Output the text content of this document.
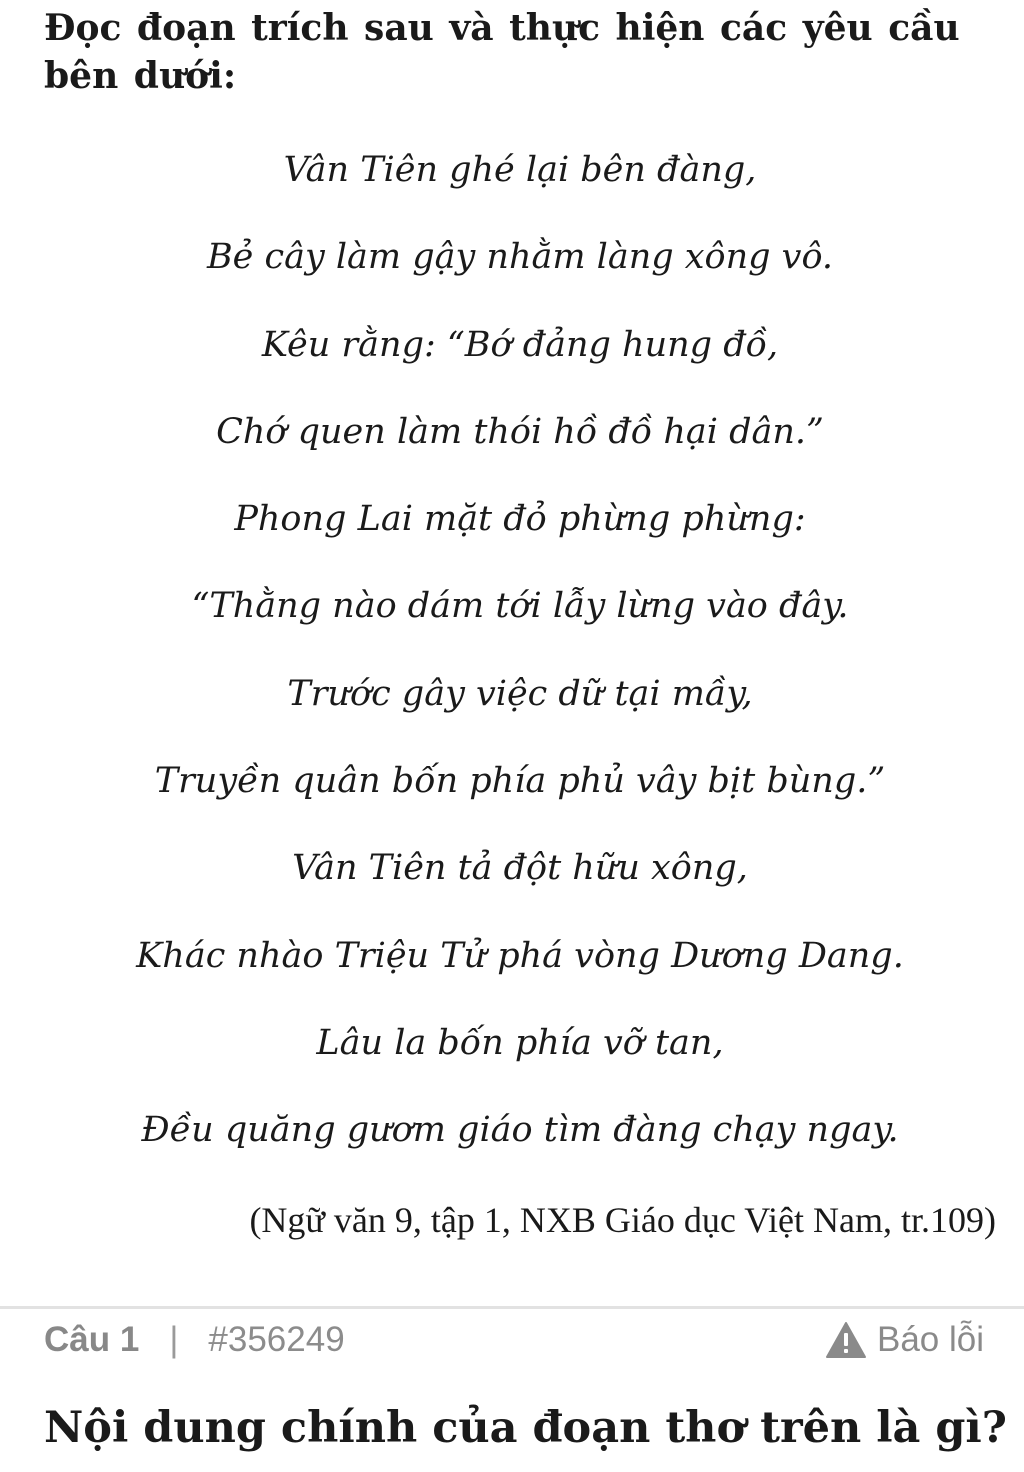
Đọc đoạn trích sau và thực hiện các yêu cầu bên dưới:

Vân Tiên ghé lại bên đàng,
Bẻ cây làm gậy nhằm làng xông vô.
Kêu rằng: “Bớ đảng hung đồ,
Chớ quen làm thói hồ đồ hại dân.”
Phong Lai mặt đỏ phừng phừng:
“Thằng nào dám tới lẫy lừng vào đây.
Trước gây việc dữ tại mầy,
Truyền quân bốn phía phủ vây bịt bùng.”
Vân Tiên tả đột hữu xông,
Khác nhào Triệu Tử phá vòng Dương Dang.
Lâu la bốn phía vỡ tan,
Đều quăng gươm giáo tìm đàng chạy ngay.

(Ngữ văn 9, tập 1, NXB Giáo dục Việt Nam, tr.109)

Câu 1 | #356249	Báo lỗi

Nội dung chính của đoạn thơ trên là gì?
